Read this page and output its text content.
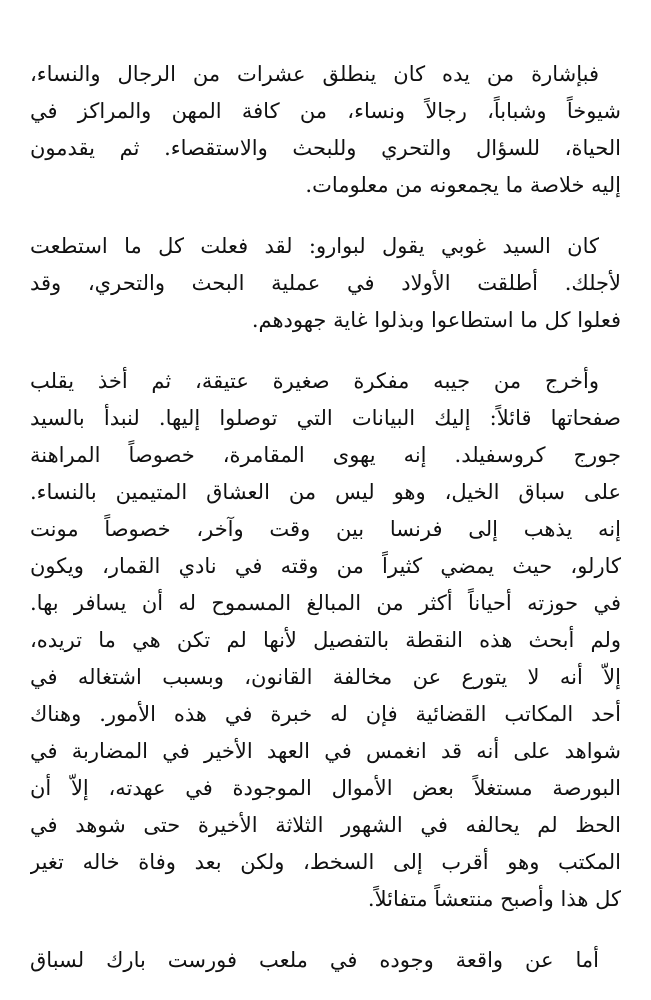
فبإشارة من يده كان ينطلق عشرات من الرجال والنساء،
شيوخاً وشباباً، رجالاً ونساء، من كافة المهن والمراكز في
الحياة، للسؤال والتحري وللبحث والاستقصاء. ثم يقدمون
إليه خلاصة ما يجمعونه من معلومات.
كان السيد غوبي يقول لبوارو: لقد فعلت كل ما استطعت
لأجلك. أطلقت الأولاد في عملية البحث والتحري، وقد
فعلوا كل ما استطاعوا وبذلوا غاية جهودهم.
وأخرج من جيبه مفكرة صغيرة عتيقة، ثم أخذ يقلب
صفحاتها قائلاً: إليك البيانات التي توصلوا إليها. لنبدأ بالسيد
جورج كروسفيلد. إنه يهوى المقامرة، خصوصاً المراهنة
على سباق الخيل، وهو ليس من العشاق المتيمين بالنساء.
إنه يذهب إلى فرنسا بين وقت وآخر، خصوصاً مونت
كارلو، حيث يمضي كثيراً من وقته في نادي القمار، ويكون
في حوزته أحياناً أكثر من المبالغ المسموح له أن يسافر بها.
ولم أبحث هذه النقطة بالتفصيل لأنها لم تكن هي ما تريده،
إلاّ أنه لا يتورع عن مخالفة القانون، وبسبب اشتغاله في
أحد المكاتب القضائية فإن له خبرة في هذه الأمور. وهناك
شواهد على أنه قد انغمس في العهد الأخير في المضاربة في
البورصة مستغلاً بعض الأموال الموجودة في عهدته، إلاّ أن
الحظ لم يحالفه في الشهور الثلاثة الأخيرة حتى شوهد في
المكتب وهو أقرب إلى السخط، ولكن بعد وفاة خاله تغير
كل هذا وأصبح منتعشاً متفائلاً.
أما عن واقعة وجوده في ملعب فورست بارك لسباق
